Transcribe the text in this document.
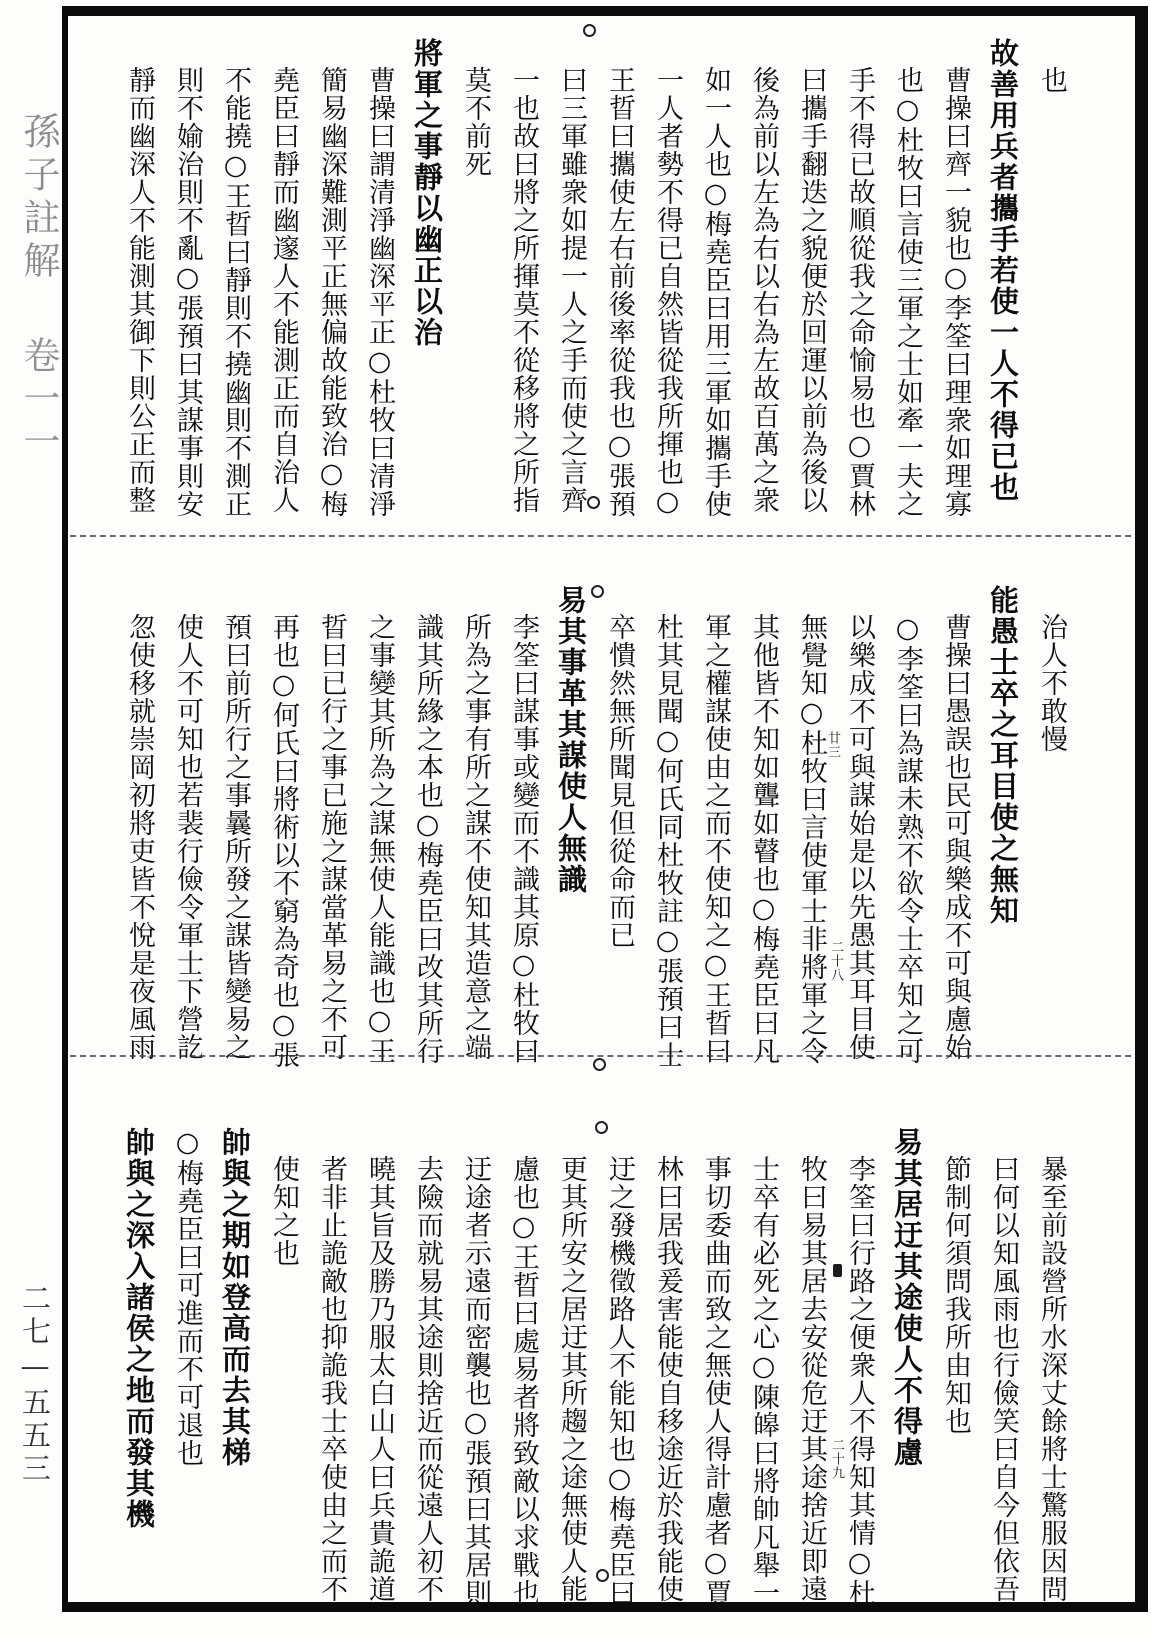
孫子註解卷一一
二七—五五三
也
故善用兵者攜手若使一人不得已也
曹操曰齊一貌也○李筌曰理衆如理寡
也○杜牧曰言使三軍之士如牽一夫之
手不得已故順從我之命愉易也○賈林
曰攜手翻迭之貌便於回運以前為後以
後為前以左為右以右為左故百萬之衆
如一人也○梅堯臣曰用三軍如攜手使
一人者勢不得已自然皆從我所揮也○
王晢曰攜使左右前後率從我也○張預
曰三軍雖衆如提一人之手而使之言齊
一也故曰將之所揮莫不從移將之所指
莫不前死
將軍之事靜以幽正以治
曹操曰謂清淨幽深平正○杜牧曰清淨
簡易幽深難測平正無偏故能致治○梅
堯臣曰靜而幽邃人不能測正而自治人
不能撓○王晢曰靜則不撓幽則不測正
則不媮治則不亂○張預曰其謀事則安
靜而幽深人不能測其御下則公正而整
治人不敢慢
能愚士卒之耳目使之無知
曹操曰愚誤也民可與樂成不可與慮始
○李筌曰為謀未熟不欲令士卒知之可
以樂成不可與謀始是以先愚其耳目使
無覺知○杜牧曰言使軍士非將軍之令
其他皆不知如聾如瞽也○梅堯臣曰凡
軍之權謀使由之而不使知之○王晢曰
杜其見聞○何氏同杜牧註○張預曰士
卒憒然無所聞見但從命而已
易其事革其謀使人無識
李筌曰謀事或變而不識其原○杜牧曰
所為之事有所之謀不使知其造意之端
識其所緣之本也○梅堯臣曰改其所行
之事變其所為之謀無使人能識也○王
晢曰已行之事已施之謀當革易之不可
再也○何氏曰將術以不窮為奇也○張
預曰前所行之事曩所發之謀皆變易之
使人不可知也若裴行儉令軍士下營訖
忽使移就崇岡初將吏皆不悅是夜風雨	廿三
二十八
暴至前設營所水深丈餘將士驚服因問
曰何以知風雨也行儉笑曰自今但依吾
節制何須問我所由知也
易其居迂其途使人不得慮
李筌曰行路之便衆人不得知其情○杜
牧曰易其居去安從危迂其途捨近即遠
士卒有必死之心○陳皞曰將帥凡舉一
事切委曲而致之無使人得計慮者○賈
林曰居我爰害能使自移途近於我能使
迂之發機徵路人不能知也○梅堯臣曰
更其所安之居迂其所趨之途無使人能
慮也○王晢曰處易者將致敵以求戰也
迂途者示遠而密襲也○張預曰其居則
去險而就易其途則捨近而從遠人初不
曉其旨及勝乃服太白山人曰兵貴詭道
者非止詭敵也抑詭我士卒使由之而不
使知之也
帥與之期如登高而去其梯
○梅堯臣曰可進而不可退也
帥與之深入諸侯之地而發其機	二十九
